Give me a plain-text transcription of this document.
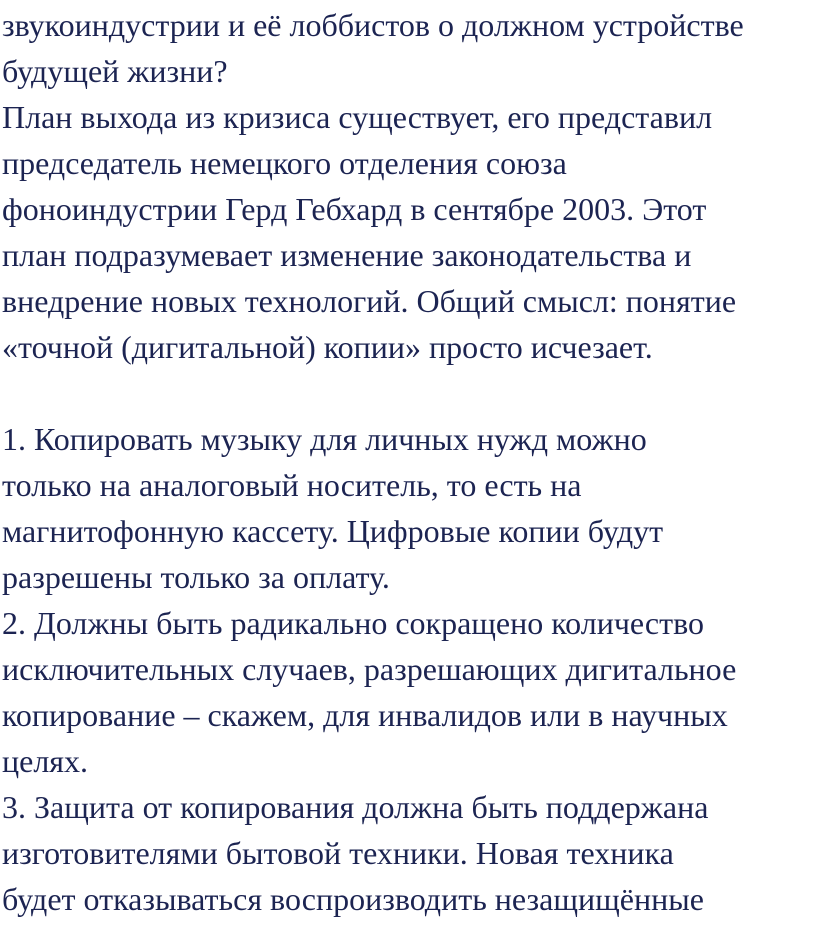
звукоиндустрии и её лоббистов о должном устройстве
будущей жизни?
План выхода из кризиса существует, его представил
председатель немецкого отделения союза
фоноиндустрии Герд Гебхард в сентябре 2003. Этот
план подразумевает изменение законодательства и
внедрение новых технологий. Общий смысл: понятие
«точной (дигитальной) копии» просто исчезает.
1. Копировать музыку для личных нужд можно
только на аналоговый носитель, то есть на
магнитофонную кассету. Цифровые копии будут
разрешены только за оплату.
2. Должны быть радикально сокращено количество
исключительных случаев, разрешающих дигитальное
копирование – скажем, для инвалидов или в научных
целях.
3. Защита от копирования должна быть поддержана
изготовителями бытовой техники. Новая техника
будет отказываться воспроизводить незащищённые
